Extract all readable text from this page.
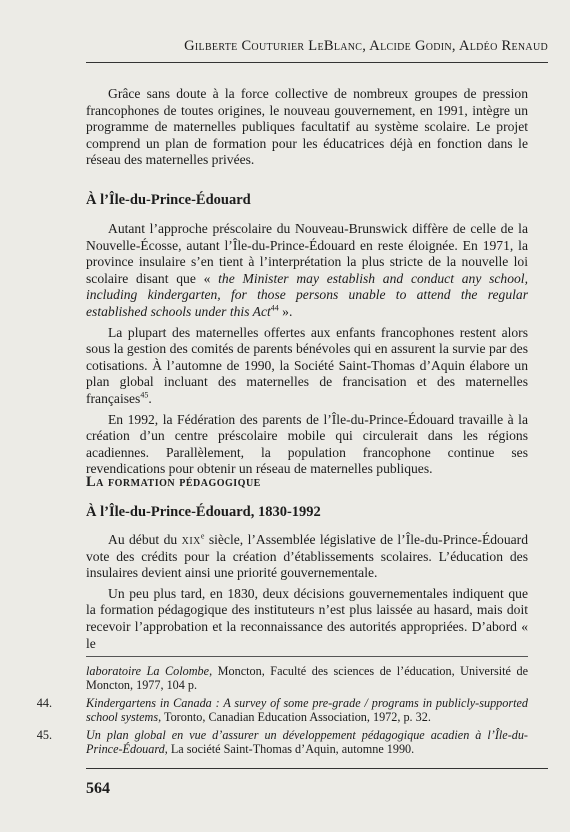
Gilberte Couturier LeBlanc, Alcide Godin, Aldéo Renaud

Grâce sans doute à la force collective de nombreux groupes de pression francophones de toutes origines, le nouveau gouvernement, en 1991, intègre un programme de maternelles publiques facultatif au système scolaire. Le projet comprend un plan de formation pour les éducatrices déjà en fonction dans le réseau des maternelles privées.

À l’Île-du-Prince-Édouard

Autant l’approche préscolaire du Nouveau-Brunswick diffère de celle de la Nouvelle-Écosse, autant l’Île-du-Prince-Édouard en reste éloignée. En 1971, la province insulaire s’en tient à l’interprétation la plus stricte de la nouvelle loi scolaire disant que « the Minister may establish and conduct any school, including kindergarten, for those persons unable to attend the regular established schools under this Act$^{44}$ ».

La plupart des maternelles offertes aux enfants francophones restent alors sous la gestion des comités de parents bénévoles qui en assurent la survie par des cotisations. À l’automne de 1990, la Société Saint-Thomas d’Aquin élabore un plan global incluant des maternelles de francisation et des maternelles françaises$^{45}$.

En 1992, la Fédération des parents de l’Île-du-Prince-Édouard travaille à la création d’un centre préscolaire mobile qui circulerait dans les régions acadiennes. Parallèlement, la population francophone continue ses revendications pour obtenir un réseau de maternelles publiques.

La formation pédagogique
À l’Île-du-Prince-Édouard, 1830-1992

Au début du xix$^e$ siècle, l’Assemblée législative de l’Île-du-Prince-Édouard vote des crédits pour la création d’établissements scolaires. L’éducation des insulaires devient ainsi une priorité gouvernementale.

Un peu plus tard, en 1830, deux décisions gouvernementales indiquent que la formation pédagogique des instituteurs n’est plus laissée au hasard, mais doit recevoir l’approbation et la reconnaissance des autorités appropriées. D’abord « le

laboratoire La Colombe, Moncton, Faculté des sciences de l’éducation, Université de Moncton, 1977, 104 p.
44.	Kindergartens in Canada : A survey of some pre-grade / programs in publicly-supported school systems, Toronto, Canadian Education Association, 1972, p. 32.
45.	Un plan global en vue d’assurer un développement pédagogique acadien à l’Île-du-Prince-Édouard, La société Saint-Thomas d’Aquin, automne 1990.
564
